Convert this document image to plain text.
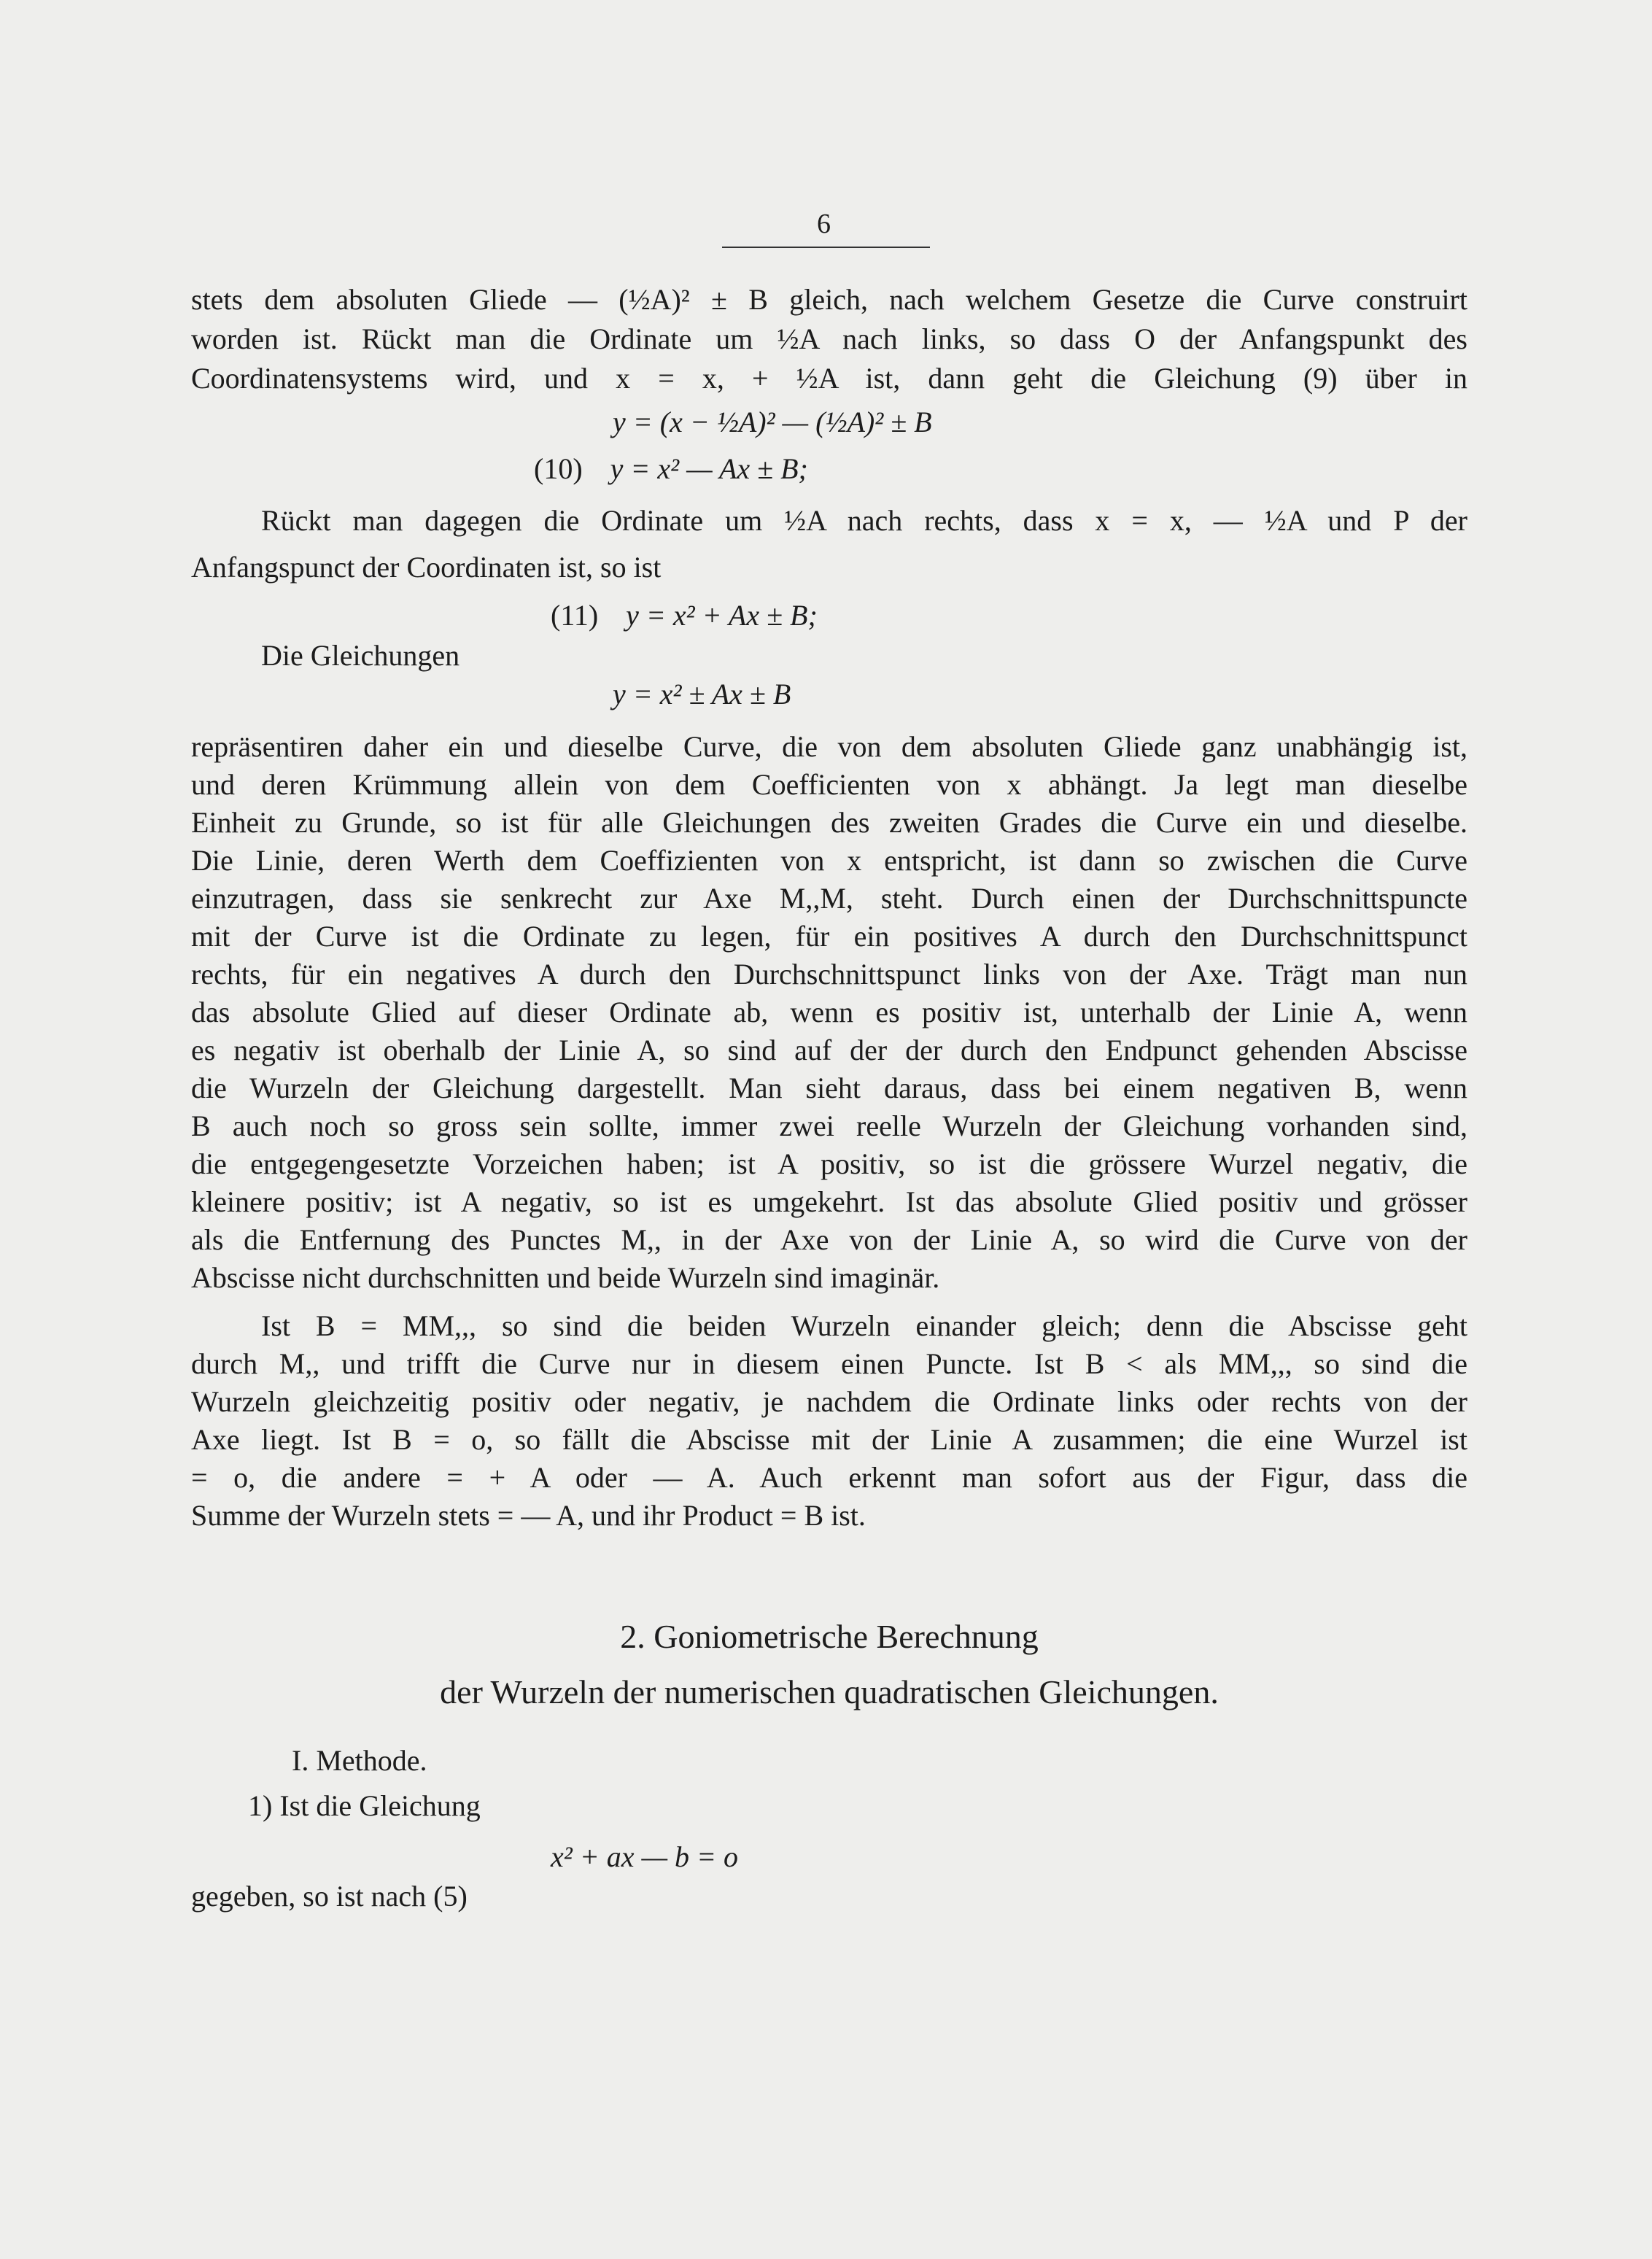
6
stets dem absoluten Gliede — (½A)² ± B gleich, nach welchem Gesetze die Curve construirt
worden ist. Rückt man die Ordinate um ½A nach links, so dass O der Anfangspunkt des
Coordinatensystems wird, und x = x, + ½A ist, dann geht die Gleichung (9) über in
y = (x − ½A)² — (½A)² ± B
(10) y = x² — Ax ± B;
Rückt man dagegen die Ordinate um ½A nach rechts, dass x = x, — ½A und P der
Anfangspunct der Coordinaten ist, so ist
(11) y = x² + Ax ± B;
Die Gleichungen
y = x² ± Ax ± B
repräsentiren daher ein und dieselbe Curve, die von dem absoluten Gliede ganz unabhängig ist,
und deren Krümmung allein von dem Coefficienten von x abhängt. Ja legt man dieselbe
Einheit zu Grunde, so ist für alle Gleichungen des zweiten Grades die Curve ein und dieselbe.
Die Linie, deren Werth dem Coeffizienten von x entspricht, ist dann so zwischen die Curve
einzutragen, dass sie senkrecht zur Axe M,,M, steht. Durch einen der Durchschnittspuncte
mit der Curve ist die Ordinate zu legen, für ein positives A durch den Durchschnittspunct
rechts, für ein negatives A durch den Durchschnittspunct links von der Axe. Trägt man nun
das absolute Glied auf dieser Ordinate ab, wenn es positiv ist, unterhalb der Linie A, wenn
es negativ ist oberhalb der Linie A, so sind auf der der durch den Endpunct gehenden Abscisse
die Wurzeln der Gleichung dargestellt. Man sieht daraus, dass bei einem negativen B, wenn
B auch noch so gross sein sollte, immer zwei reelle Wurzeln der Gleichung vorhanden sind,
die entgegengesetzte Vorzeichen haben; ist A positiv, so ist die grössere Wurzel negativ, die
kleinere positiv; ist A negativ, so ist es umgekehrt. Ist das absolute Glied positiv und grösser
als die Entfernung des Punctes M,, in der Axe von der Linie A, so wird die Curve von der
Abscisse nicht durchschnitten und beide Wurzeln sind imaginär.
Ist B = MM,,, so sind die beiden Wurzeln einander gleich; denn die Abscisse geht
durch M,, und trifft die Curve nur in diesem einen Puncte. Ist B < als MM,,, so sind die
Wurzeln gleichzeitig positiv oder negativ, je nachdem die Ordinate links oder rechts von der
Axe liegt. Ist B = o, so fällt die Abscisse mit der Linie A zusammen; die eine Wurzel ist
= o, die andere = + A oder — A. Auch erkennt man sofort aus der Figur, dass die
Summe der Wurzeln stets = — A, und ihr Product = B ist.
2. Goniometrische Berechnung
der Wurzeln der numerischen quadratischen Gleichungen.
I. Methode.
1) Ist die Gleichung
x² + ax — b = o
gegeben, so ist nach (5)
